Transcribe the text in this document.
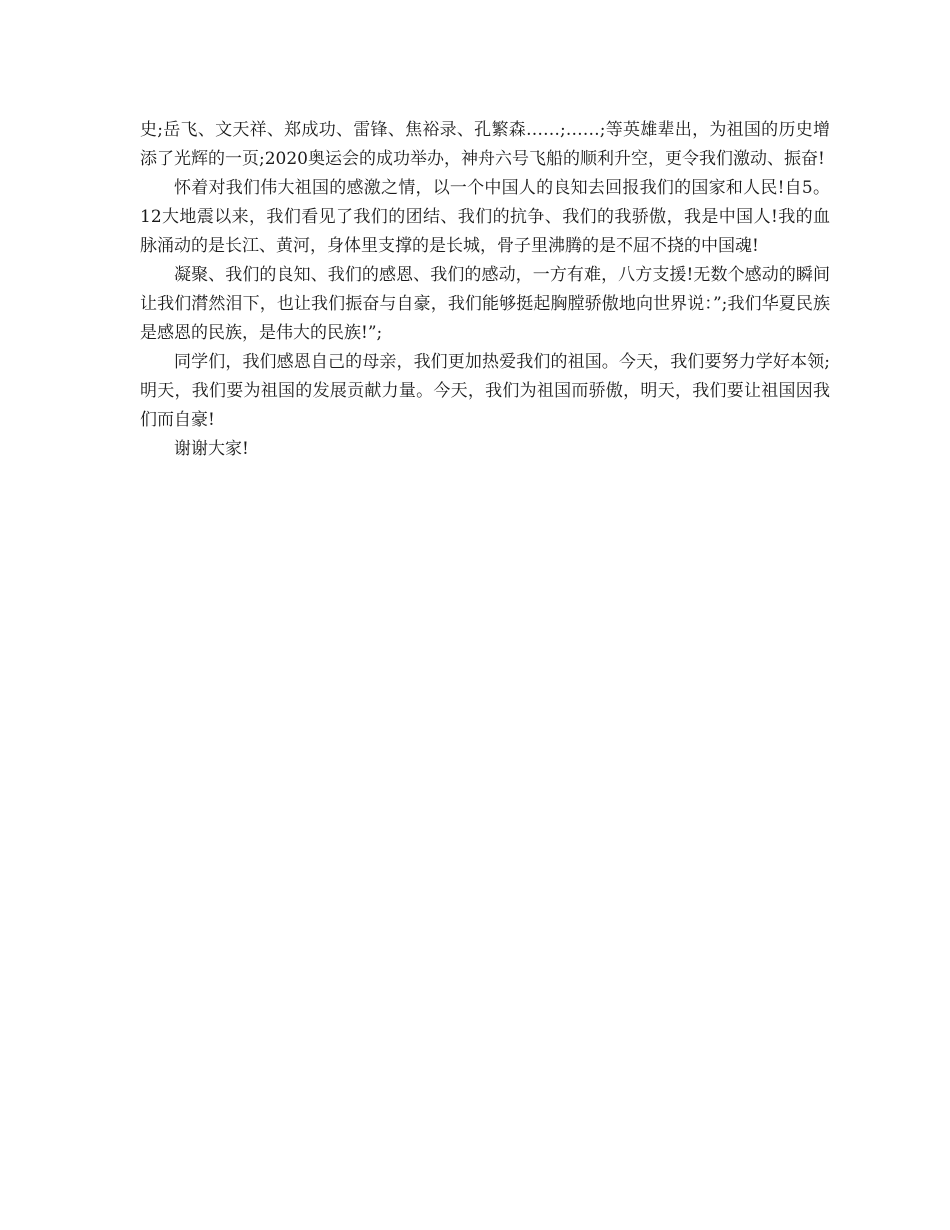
史;岳飞、文天祥、郑成功、雷锋、焦裕录、孔繁森……;……;等英雄辈出，为祖国的历史增添了光辉的一页;2020奥运会的成功举办，神舟六号飞船的顺利升空，更令我们激动、振奋!

怀着对我们伟大祖国的感激之情，以一个中国人的良知去回报我们的国家和人民!自5。12大地震以来，我们看见了我们的团结、我们的抗争、我们的我骄傲，我是中国人!我的血脉涌动的是长江、黄河，身体里支撑的是长城，骨子里沸腾的是不屈不挠的中国魂!

凝聚、我们的良知、我们的感恩、我们的感动，一方有难，八方支援!无数个感动的瞬间让我们潸然泪下，也让我们振奋与自豪，我们能够挺起胸膛骄傲地向世界说：”;我们华夏民族是感恩的民族，是伟大的民族!”;

同学们，我们感恩自己的母亲，我们更加热爱我们的祖国。今天，我们要努力学好本领;明天，我们要为祖国的发展贡献力量。今天，我们为祖国而骄傲，明天，我们要让祖国因我们而自豪!

谢谢大家!
